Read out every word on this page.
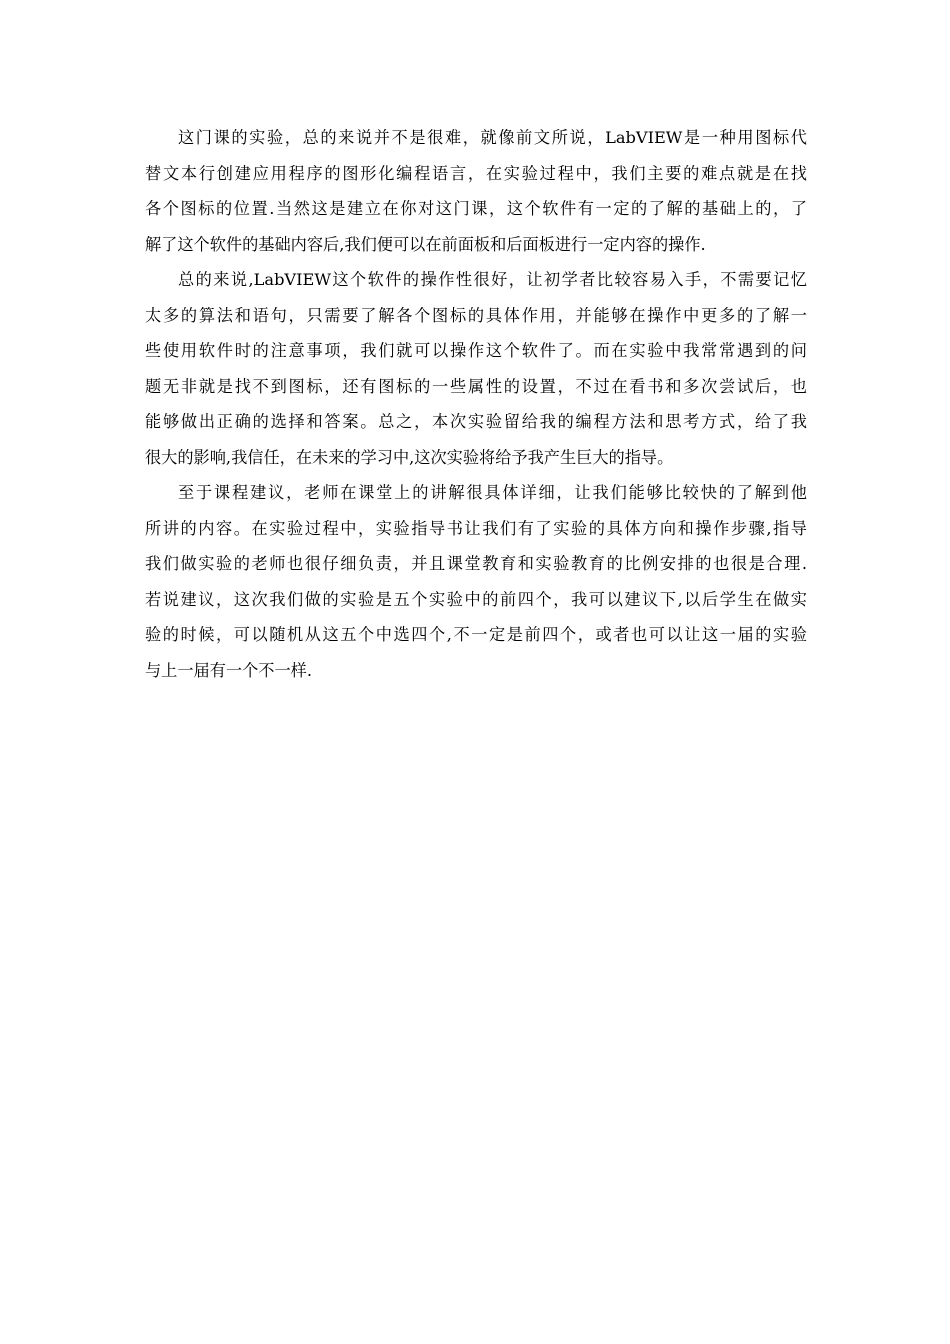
这门课的实验，总的来说并不是很难，就像前文所说，LabVIEW是一种用图标代
替文本行创建应用程序的图形化编程语言，在实验过程中，我们主要的难点就是在找
各个图标的位置.当然这是建立在你对这门课，这个软件有一定的了解的基础上的，了
解了这个软件的基础内容后,我们便可以在前面板和后面板进行一定内容的操作.

总的来说,LabVIEW这个软件的操作性很好，让初学者比较容易入手，不需要记忆
太多的算法和语句，只需要了解各个图标的具体作用，并能够在操作中更多的了解一
些使用软件时的注意事项，我们就可以操作这个软件了。而在实验中我常常遇到的问
题无非就是找不到图标，还有图标的一些属性的设置，不过在看书和多次尝试后，也
能够做出正确的选择和答案。总之，本次实验留给我的编程方法和思考方式，给了我
很大的影响,我信任，在未来的学习中,这次实验将给予我产生巨大的指导。

至于课程建议，老师在课堂上的讲解很具体详细，让我们能够比较快的了解到他
所讲的内容。在实验过程中，实验指导书让我们有了实验的具体方向和操作步骤,指导
我们做实验的老师也很仔细负责，并且课堂教育和实验教育的比例安排的也很是合理.
若说建议，这次我们做的实验是五个实验中的前四个，我可以建议下,以后学生在做实
验的时候，可以随机从这五个中选四个,不一定是前四个，或者也可以让这一届的实验
与上一届有一个不一样.
